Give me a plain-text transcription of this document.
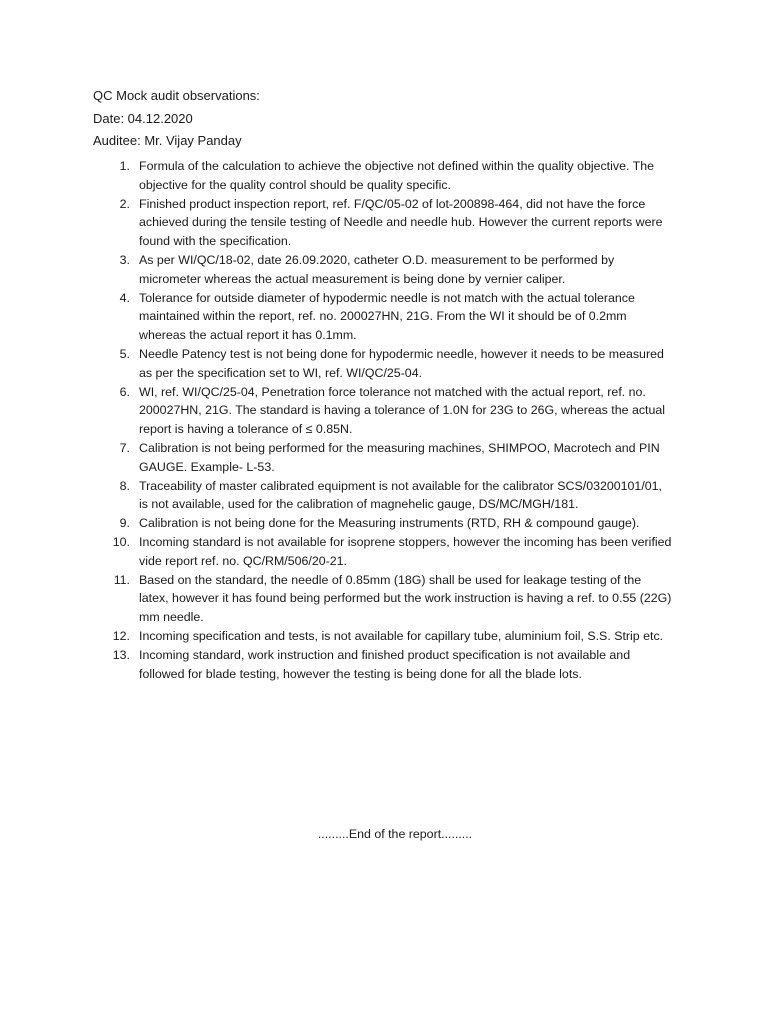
QC Mock audit observations:
Date: 04.12.2020
Auditee: Mr. Vijay Panday
1. Formula of the calculation to achieve the objective not defined within the quality objective. The objective for the quality control should be quality specific.
2. Finished product inspection report, ref. F/QC/05-02 of lot-200898-464, did not have the force achieved during the tensile testing of Needle and needle hub. However the current reports were found with the specification.
3. As per WI/QC/18-02, date 26.09.2020, catheter O.D. measurement to be performed by micrometer whereas the actual measurement is being done by vernier caliper.
4. Tolerance for outside diameter of hypodermic needle is not match with the actual tolerance maintained within the report, ref. no. 200027HN, 21G. From the WI it should be of 0.2mm whereas the actual report it has 0.1mm.
5. Needle Patency test is not being done for hypodermic needle, however it needs to be measured as per the specification set to WI, ref. WI/QC/25-04.
6. WI, ref. WI/QC/25-04, Penetration force tolerance not matched with the actual report, ref. no. 200027HN, 21G. The standard is having a tolerance of 1.0N for 23G to 26G, whereas the actual report is having a tolerance of ≤ 0.85N.
7. Calibration is not being performed for the measuring machines, SHIMPOO, Macrotech and PIN GAUGE. Example- L-53.
8. Traceability of master calibrated equipment is not available for the calibrator SCS/03200101/01, is not available, used for the calibration of magnehelic gauge, DS/MC/MGH/181.
9. Calibration is not being done for the Measuring instruments (RTD, RH & compound gauge).
10. Incoming standard is not available for isoprene stoppers, however the incoming has been verified vide report ref. no. QC/RM/506/20-21.
11. Based on the standard, the needle of 0.85mm (18G) shall be used for leakage testing of the latex, however it has found being performed but the work instruction is having a ref. to 0.55 (22G) mm needle.
12. Incoming specification and tests, is not available for capillary tube, aluminium foil, S.S. Strip etc.
13. Incoming standard, work instruction and finished product specification is not available and followed for blade testing, however the testing is being done for all the blade lots.
.........End of the report.........
